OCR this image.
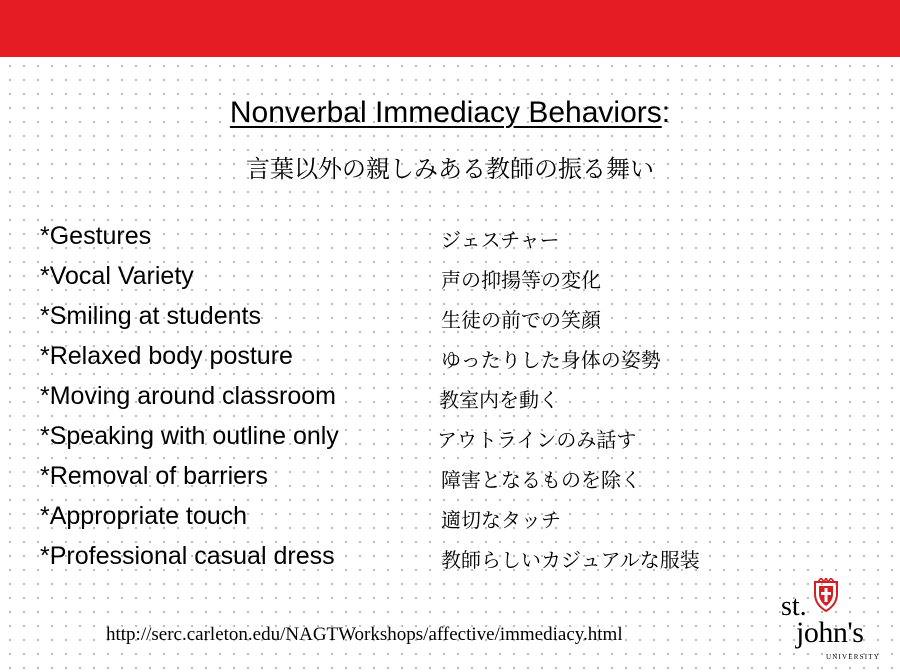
Nonverbal Immediacy Behaviors:
言葉以外の親しみある教師の振る舞い
*Gestures	ジェスチャー
*Vocal Variety	声の抑揚等の変化
*Smiling at students	生徒の前での笑顔
*Relaxed body posture	ゆったりした身体の姿勢
*Moving around classroom	教室内を動く
*Speaking with outline only	アウトラインのみ話す
*Removal of barriers	障害となるものを除く
*Appropriate touch	適切なタッチ
*Professional casual dress	教師らしいカジュアルな服装
http://serc.carleton.edu/NAGTWorkshops/affective/immediacy.html
st.
john's
UNIVERSITY
